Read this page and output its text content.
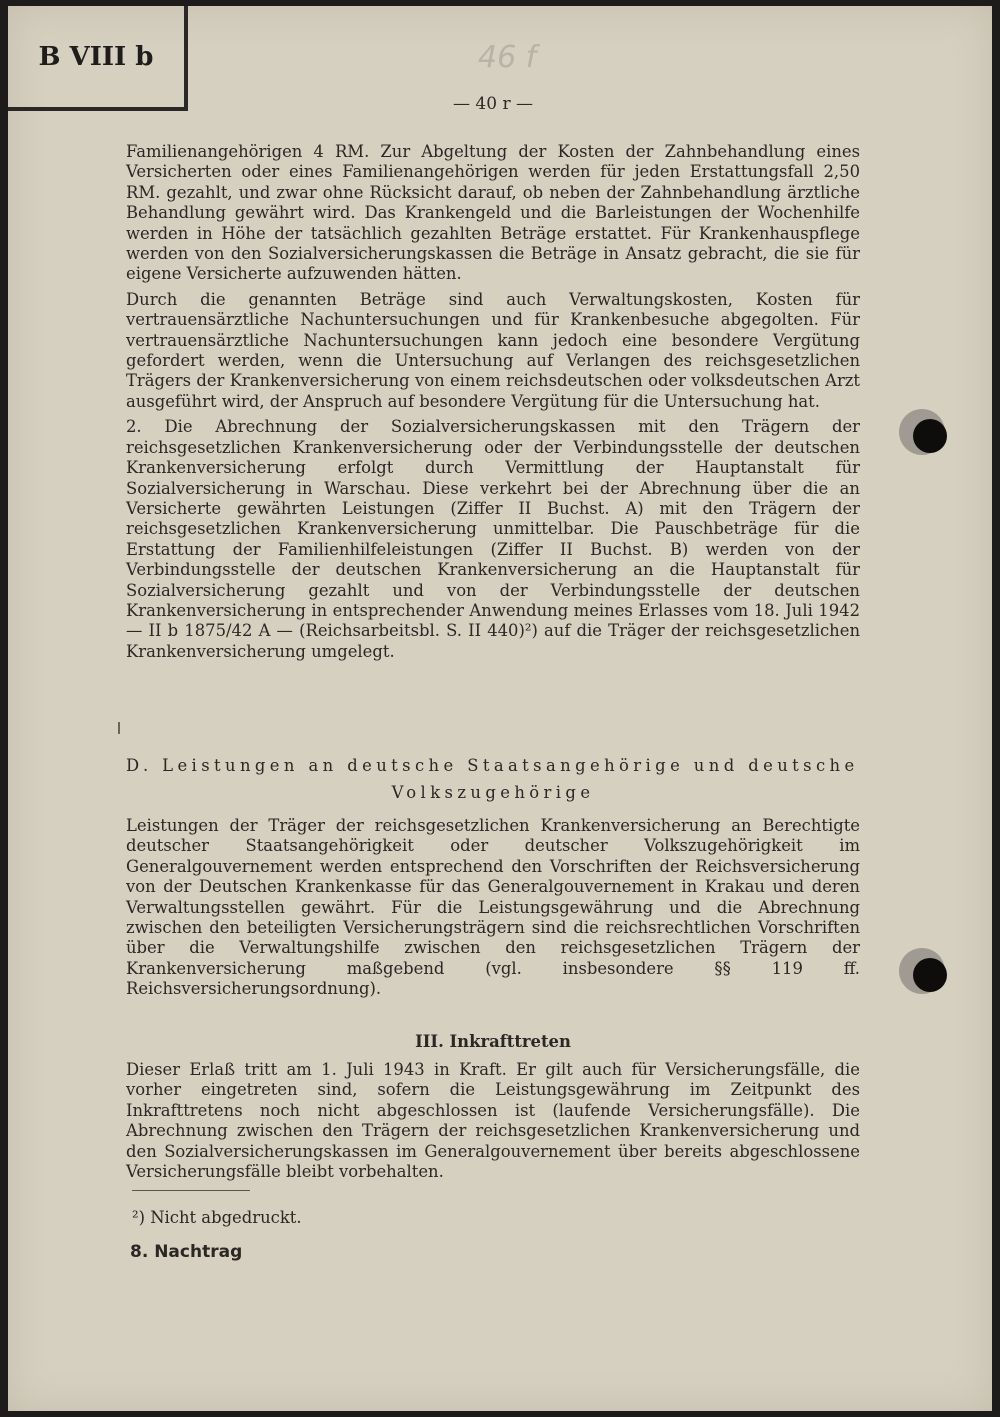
B VIII b	46 f
— 40 r —

Familienangehörigen 4 RM. Zur Abgeltung der Kosten der Zahnbehandlung eines Versicherten oder eines Familienangehörigen werden für jeden Erstattungsfall 2,50 RM. gezahlt, und zwar ohne Rücksicht darauf, ob neben der Zahnbehandlung ärztliche Behandlung gewährt wird. Das Krankengeld und die Barleistungen der Wochenhilfe werden in Höhe der tatsächlich gezahlten Beträge erstattet. Für Krankenhauspflege werden von den Sozialversicherungskassen die Beträge in Ansatz gebracht, die sie für eigene Versicherte aufzuwenden hätten.

Durch die genannten Beträge sind auch Verwaltungskosten, Kosten für vertrauensärztliche Nachuntersuchungen und für Krankenbesuche abgegolten. Für vertrauensärztliche Nachuntersuchungen kann jedoch eine besondere Vergütung gefordert werden, wenn die Untersuchung auf Verlangen des reichsgesetzlichen Trägers der Krankenversicherung von einem reichsdeutschen oder volksdeutschen Arzt ausgeführt wird, der Anspruch auf besondere Vergütung für die Untersuchung hat.

2. Die Abrechnung der Sozialversicherungskassen mit den Trägern der reichsgesetzlichen Krankenversicherung oder der Verbindungsstelle der deutschen Krankenversicherung erfolgt durch Vermittlung der Hauptanstalt für Sozialversicherung in Warschau. Diese verkehrt bei der Abrechnung über die an Versicherte gewährten Leistungen (Ziffer II Buchst. A) mit den Trägern der reichsgesetzlichen Krankenversicherung unmittelbar. Die Pauschbeträge für die Erstattung der Familienhilfeleistungen (Ziffer II Buchst. B) werden von der Verbindungsstelle der deutschen Krankenversicherung an die Hauptanstalt für Sozialversicherung gezahlt und von der Verbindungsstelle der deutschen Krankenversicherung in entsprechender Anwendung meines Erlasses vom 18. Juli 1942 — II b 1875/42 A — (Reichsarbeitsbl. S. II 440)²) auf die Träger der reichsgesetzlichen Krankenversicherung umgelegt.

D. Leistungen an deutsche Staatsangehörige und deutsche
Volkszugehörige

Leistungen der Träger der reichsgesetzlichen Krankenversicherung an Berechtigte deutscher Staatsangehörigkeit oder deutscher Volkszugehörigkeit im Generalgouvernement werden entsprechend den Vorschriften der Reichsversicherung von der Deutschen Krankenkasse für das Generalgouvernement in Krakau und deren Verwaltungsstellen gewährt. Für die Leistungsgewährung und die Abrechnung zwischen den beteiligten Versicherungsträgern sind die reichsrechtlichen Vorschriften über die Verwaltungshilfe zwischen den reichsgesetzlichen Trägern der Krankenversicherung maßgebend (vgl. insbesondere §§ 119 ff. Reichsversicherungsordnung).

III. Inkrafttreten

Dieser Erlaß tritt am 1. Juli 1943 in Kraft. Er gilt auch für Versicherungsfälle, die vorher eingetreten sind, sofern die Leistungsgewährung im Zeitpunkt des Inkrafttretens noch nicht abgeschlossen ist (laufende Versicherungsfälle). Die Abrechnung zwischen den Trägern der reichsgesetzlichen Krankenversicherung und den Sozialversicherungskassen im Generalgouvernement über bereits abgeschlossene Versicherungsfälle bleibt vorbehalten.

²) Nicht abgedruckt.
8. Nachtrag
